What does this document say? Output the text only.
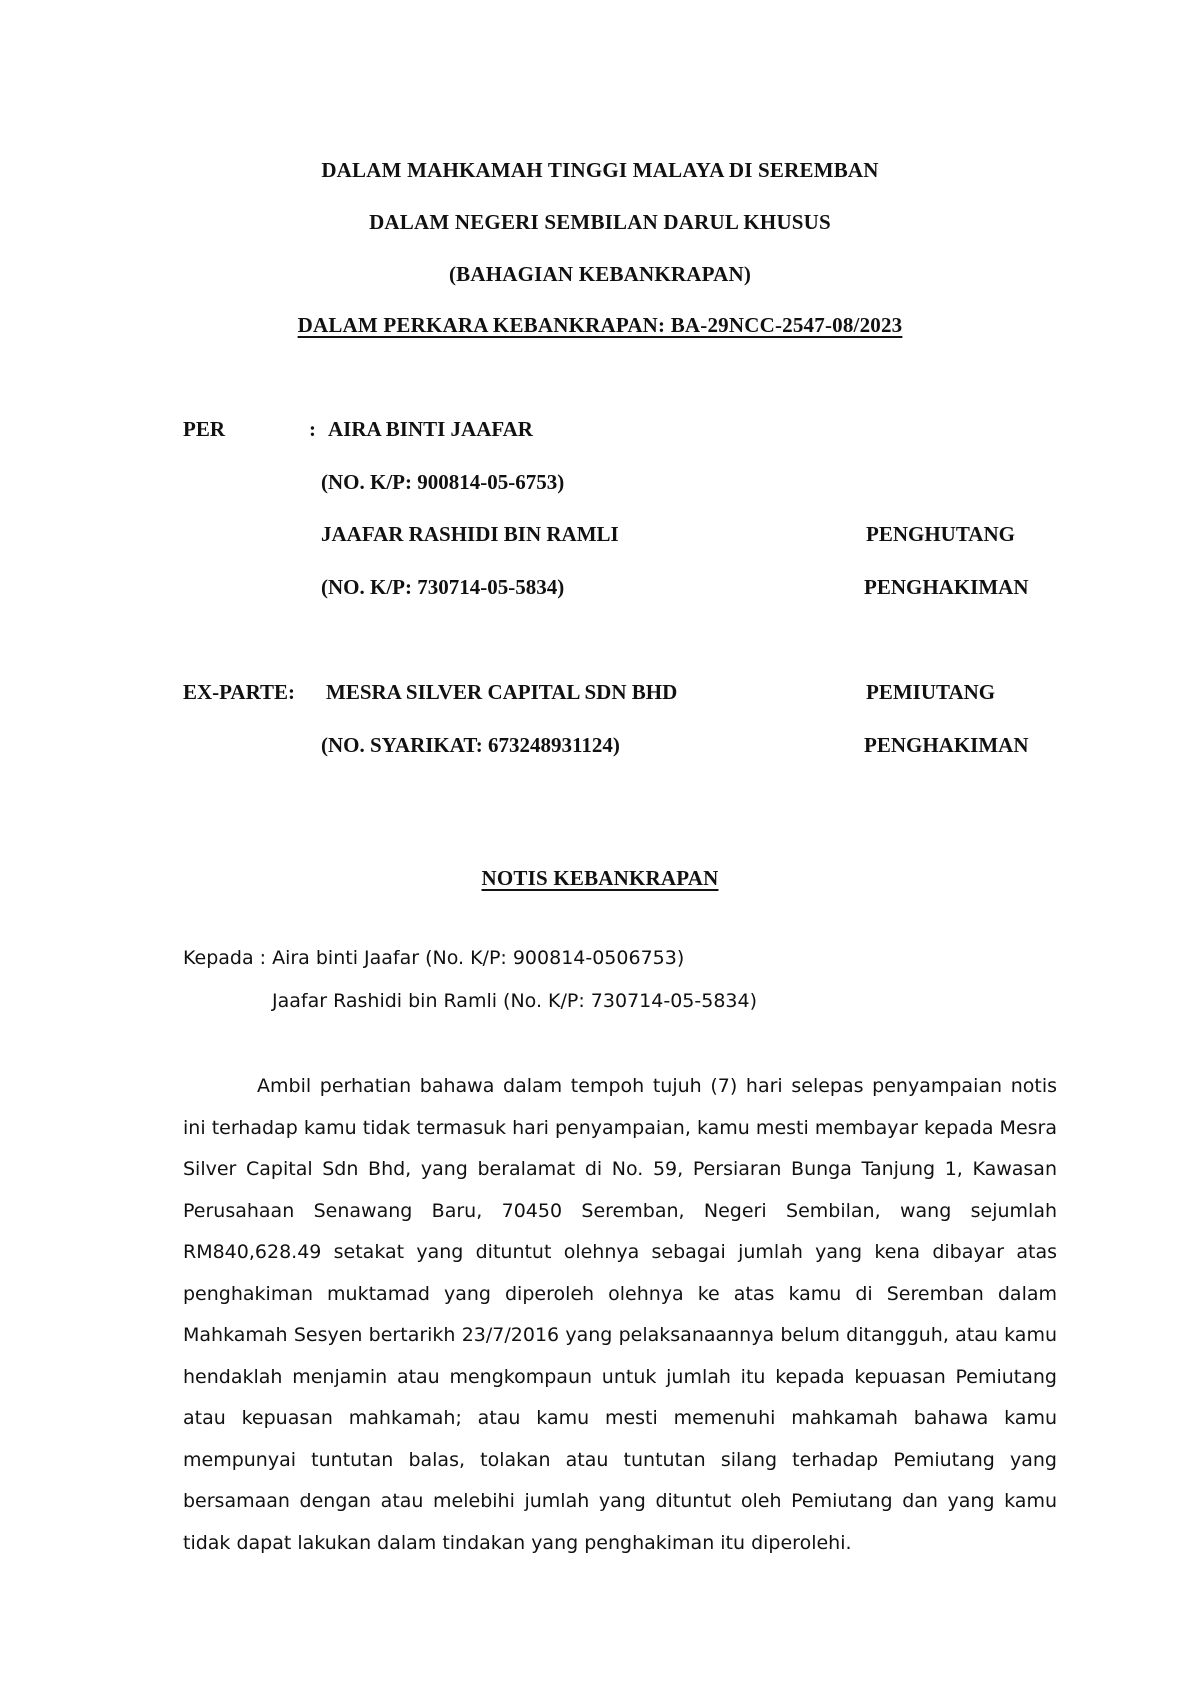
DALAM MAHKAMAH TINGGI MALAYA DI SEREMBAN
DALAM NEGERI SEMBILAN DARUL KHUSUS
(BAHAGIAN KEBANKRAPAN)
DALAM PERKARA KEBANKRAPAN: BA-29NCC-2547-08/2023
PER	: AIRA BINTI JAAFAR
(NO. K/P: 900814-05-6753)
JAAFAR RASHIDI BIN RAMLI
(NO. K/P: 730714-05-5834)
PENGHUTANG
PENGHAKIMAN
EX-PARTE: MESRA SILVER CAPITAL SDN BHD
(NO. SYARIKAT: 673248931124)
PEMIUTANG
PENGHAKIMAN
NOTIS KEBANKRAPAN
Kepada : Aira binti Jaafar (No. K/P: 900814-0506753)
Jaafar Rashidi bin Ramli (No. K/P: 730714-05-5834)
Ambil perhatian bahawa dalam tempoh tujuh (7) hari selepas penyampaian notis ini terhadap kamu tidak termasuk hari penyampaian, kamu mesti membayar kepada Mesra Silver Capital Sdn Bhd, yang beralamat di No. 59, Persiaran Bunga Tanjung 1, Kawasan Perusahaan Senawang Baru, 70450 Seremban, Negeri Sembilan, wang sejumlah RM840,628.49 setakat yang dituntut olehnya sebagai jumlah yang kena dibayar atas penghakiman muktamad yang diperoleh olehnya ke atas kamu di Seremban dalam Mahkamah Sesyen bertarikh 23/7/2016 yang pelaksanaannya belum ditangguh, atau kamu hendaklah menjamin atau mengkompaun untuk jumlah itu kepada kepuasan Pemiutang atau kepuasan mahkamah; atau kamu mesti memenuhi mahkamah bahawa kamu mempunyai tuntutan balas, tolakan atau tuntutan silang terhadap Pemiutang yang bersamaan dengan atau melebihi jumlah yang dituntut oleh Pemiutang dan yang kamu tidak dapat lakukan dalam tindakan yang penghakiman itu diperolehi.
